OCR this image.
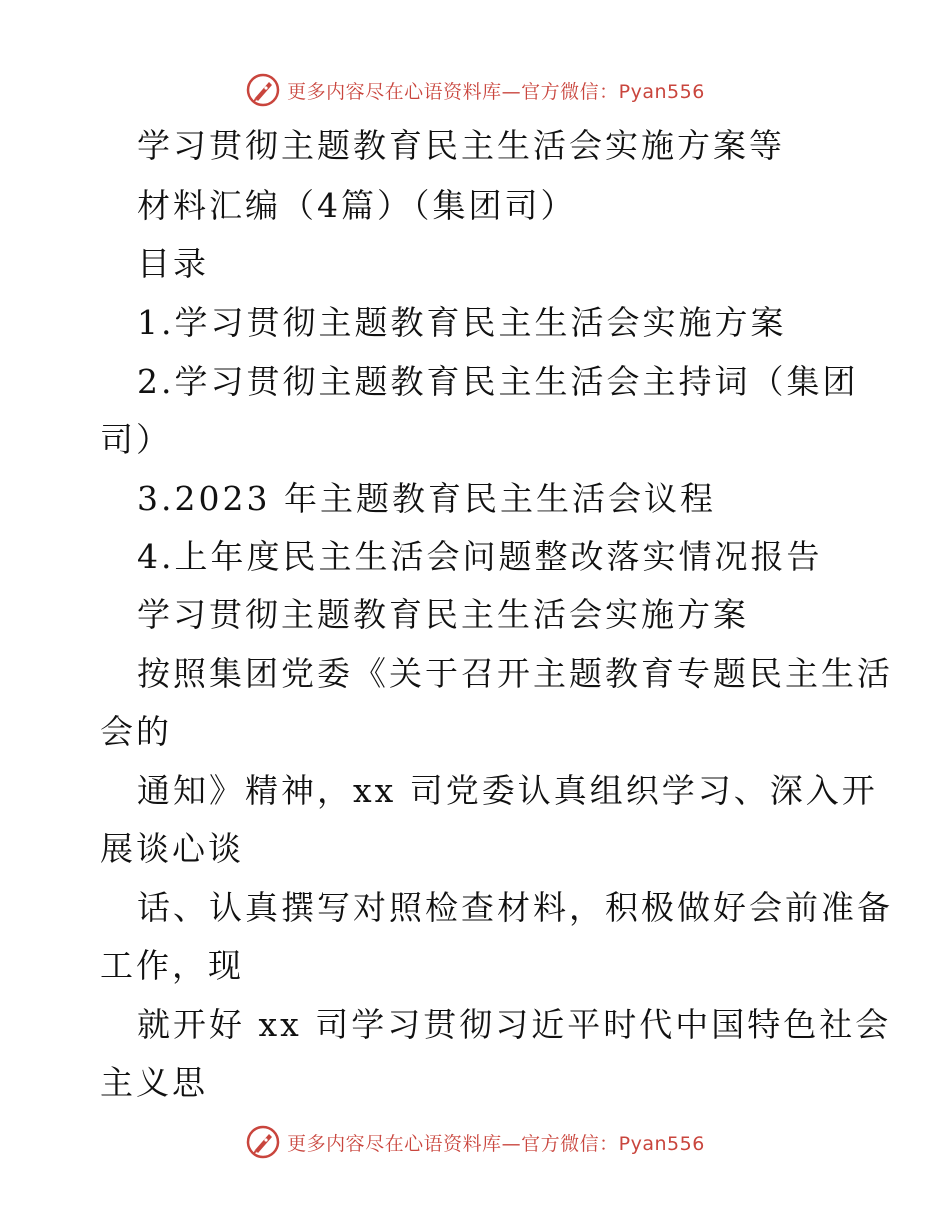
更多内容尽在心语资料库—官方微信：Pyan556
学习贯彻主题教育民主生活会实施方案等
材料汇编（4篇）（集团司）
目录
1.学习贯彻主题教育民主生活会实施方案
2.学习贯彻主题教育民主生活会主持词（集团
司）
3.2023 年主题教育民主生活会议程
4.上年度民主生活会问题整改落实情况报告
学习贯彻主题教育民主生活会实施方案
按照集团党委《关于召开主题教育专题民主生活
会的
通知》精神，xx 司党委认真组织学习、深入开
展谈心谈
话、认真撰写对照检查材料，积极做好会前准备
工作，现
就开好 xx 司学习贯彻习近平时代中国特色社会
主义思
更多内容尽在心语资料库—官方微信：Pyan556
